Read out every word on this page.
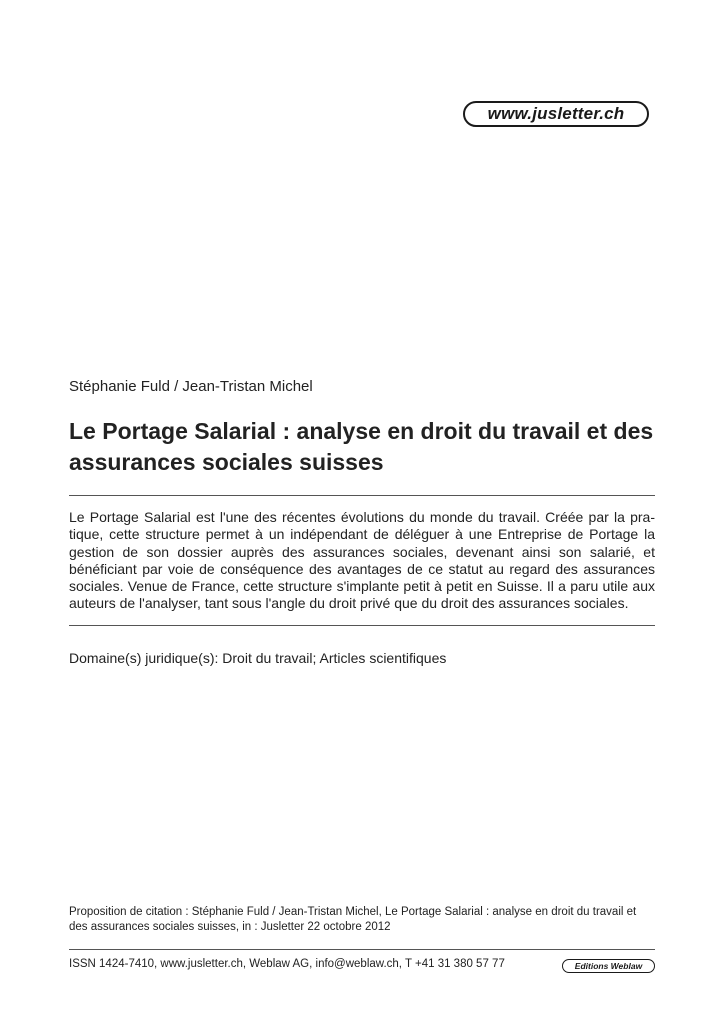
www.jusletter.ch
Stéphanie Fuld / Jean-Tristan Michel
Le Portage Salarial : analyse en droit du travail et des assurances sociales suisses

Le Portage Salarial est l'une des récentes évolutions du monde du travail. Créée par la pratique, cette structure permet à un indépendant de déléguer à une Entreprise de Portage la gestion de son dossier auprès des assurances sociales, devenant ainsi son salarié, et bénéficiant par voie de conséquence des avantages de ce statut au regard des assurances sociales. Venue de France, cette structure s'implante petit à petit en Suisse. Il a paru utile aux auteurs de l'analyser, tant sous l'angle du droit privé que du droit des assurances sociales.

Domaine(s) juridique(s): Droit du travail; Articles scientifiques

Proposition de citation : Stéphanie Fuld / Jean-Tristan Michel, Le Portage Salarial : analyse en droit du travail et des assurances sociales suisses, in : Jusletter 22 octobre 2012

ISSN 1424-7410, www.jusletter.ch, Weblaw AG, info@weblaw.ch, T +41 31 380 57 77	Editions Weblaw
